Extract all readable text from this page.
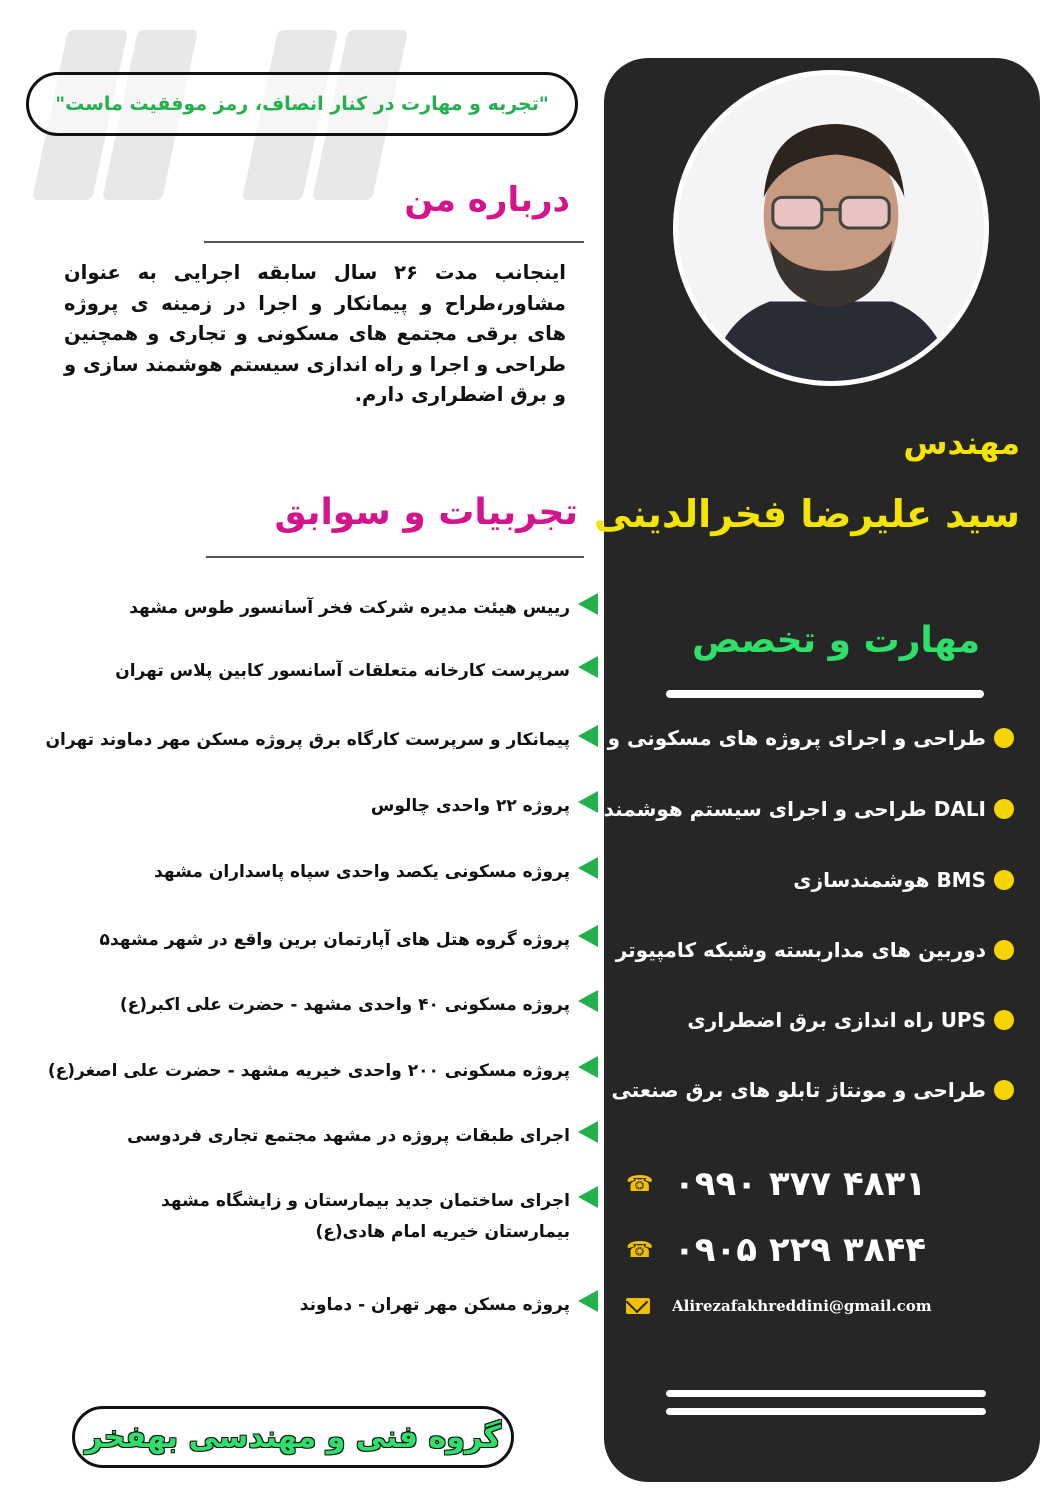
"تجربه و مهارت در کنار انصاف، رمز موفقیت ماست"
مهندس
سید علیرضا فخرالدینی
مهارت و تخصص
طراحی و اجرای پروژه های مسکونی و تجاری
DALI طراحی و اجرای سیستم هوشمند
BMS هوشمندسازی
دوربین های مداربسته وشبکه کامپیوتر
UPS راه اندازی برق اضطراری
طراحی و مونتاژ تابلو های برق صنعتی
☎ ۰۹۹۰ ۳۷۷ ۴۸۳۱
☎ ۰۹۰۵ ۲۲۹ ۳۸۴۴
Alirezafakhreddini@gmail.com
درباره من
اینجانب مدت ۲۶ سال سابقه اجرایی به عنوان مشاور،طراح و پیمانکار و اجرا در زمینه ی پروژه های برقی مجتمع های مسکونی و تجاری و همچنین طراحی و اجرا و راه اندازی سیستم هوشمند سازی و و برق اضطراری دارم.
تجربیات و سوابق
رییس هیئت مدیره شرکت فخر آسانسور طوس مشهد
سرپرست کارخانه متعلقات آسانسور کابین پلاس تهران
پیمانکار و سرپرست کارگاه برق پروژه مسکن مهر دماوند تهران
پروژه ۲۲ واحدی چالوس
پروژه مسکونی یکصد واحدی سپاه پاسداران مشهد
پروژه گروه هتل های آپارتمان برین واقع در شهر مشهد۵
پروژه مسکونی ۴۰ واحدی مشهد - حضرت علی اکبر(ع)
پروژه مسکونی ۲۰۰ واحدی خیریه مشهد - حضرت علی اصغر(ع)
اجرای طبقات پروژه در مشهد مجتمع تجاری فردوسی
اجرای ساختمان جدید بیمارستان و زایشگاه مشهد
بیمارستان خیریه امام هادی(ع)
پروژه مسکن مهر تهران - دماوند
گروه فنی و مهندسی بهفخر
